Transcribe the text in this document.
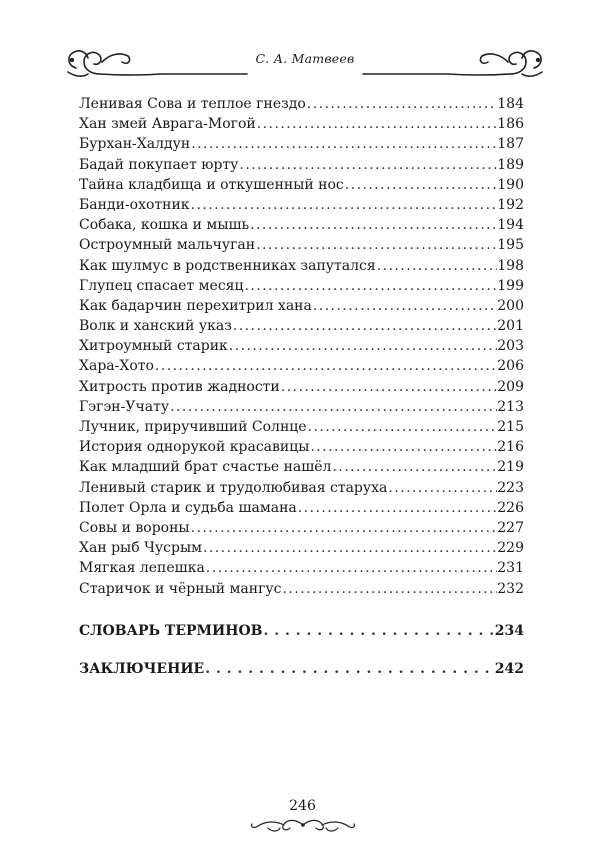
С. А. Матвеев
Ленивая Сова и теплое гнездо . . .	184
Хан змей Аврага-Могой . . .	186
Бурхан-Халдун . . .	187
Бадай покупает юрту . . .	189
Тайна кладбища и откушенный нос . . .	190
Банди-охотник . . .	192
Собака, кошка и мышь . . .	194
Остроумный мальчуган . . .	195
Как шулмус в родственниках запутался . . .	198
Глупец спасает месяц . . .	199
Как бадарчин перехитрил хана . . .	200
Волк и ханский указ . . .	201
Хитроумный старик . . .	203
Хара-Хото . . .	206
Хитрость против жадности . . .	209
Гэгэн-Учату . . .	213
Лучник, приручивший Солнце . . .	215
История однорукой красавицы . . .	216
Как младший брат счастье нашёл . . .	219
Ленивый старик и трудолюбивая старуха . . .	223
Полет Орла и судьба шамана . . .	226
Совы и вороны . . .	227
Хан рыб Чусрым . . .	229
Мягкая лепешка . . .	231
Старичок и чёрный мангус . . .	232
СЛОВАРЬ ТЕРМИНОВ . . .	234
ЗАКЛЮЧЕНИЕ . . .	242
246
